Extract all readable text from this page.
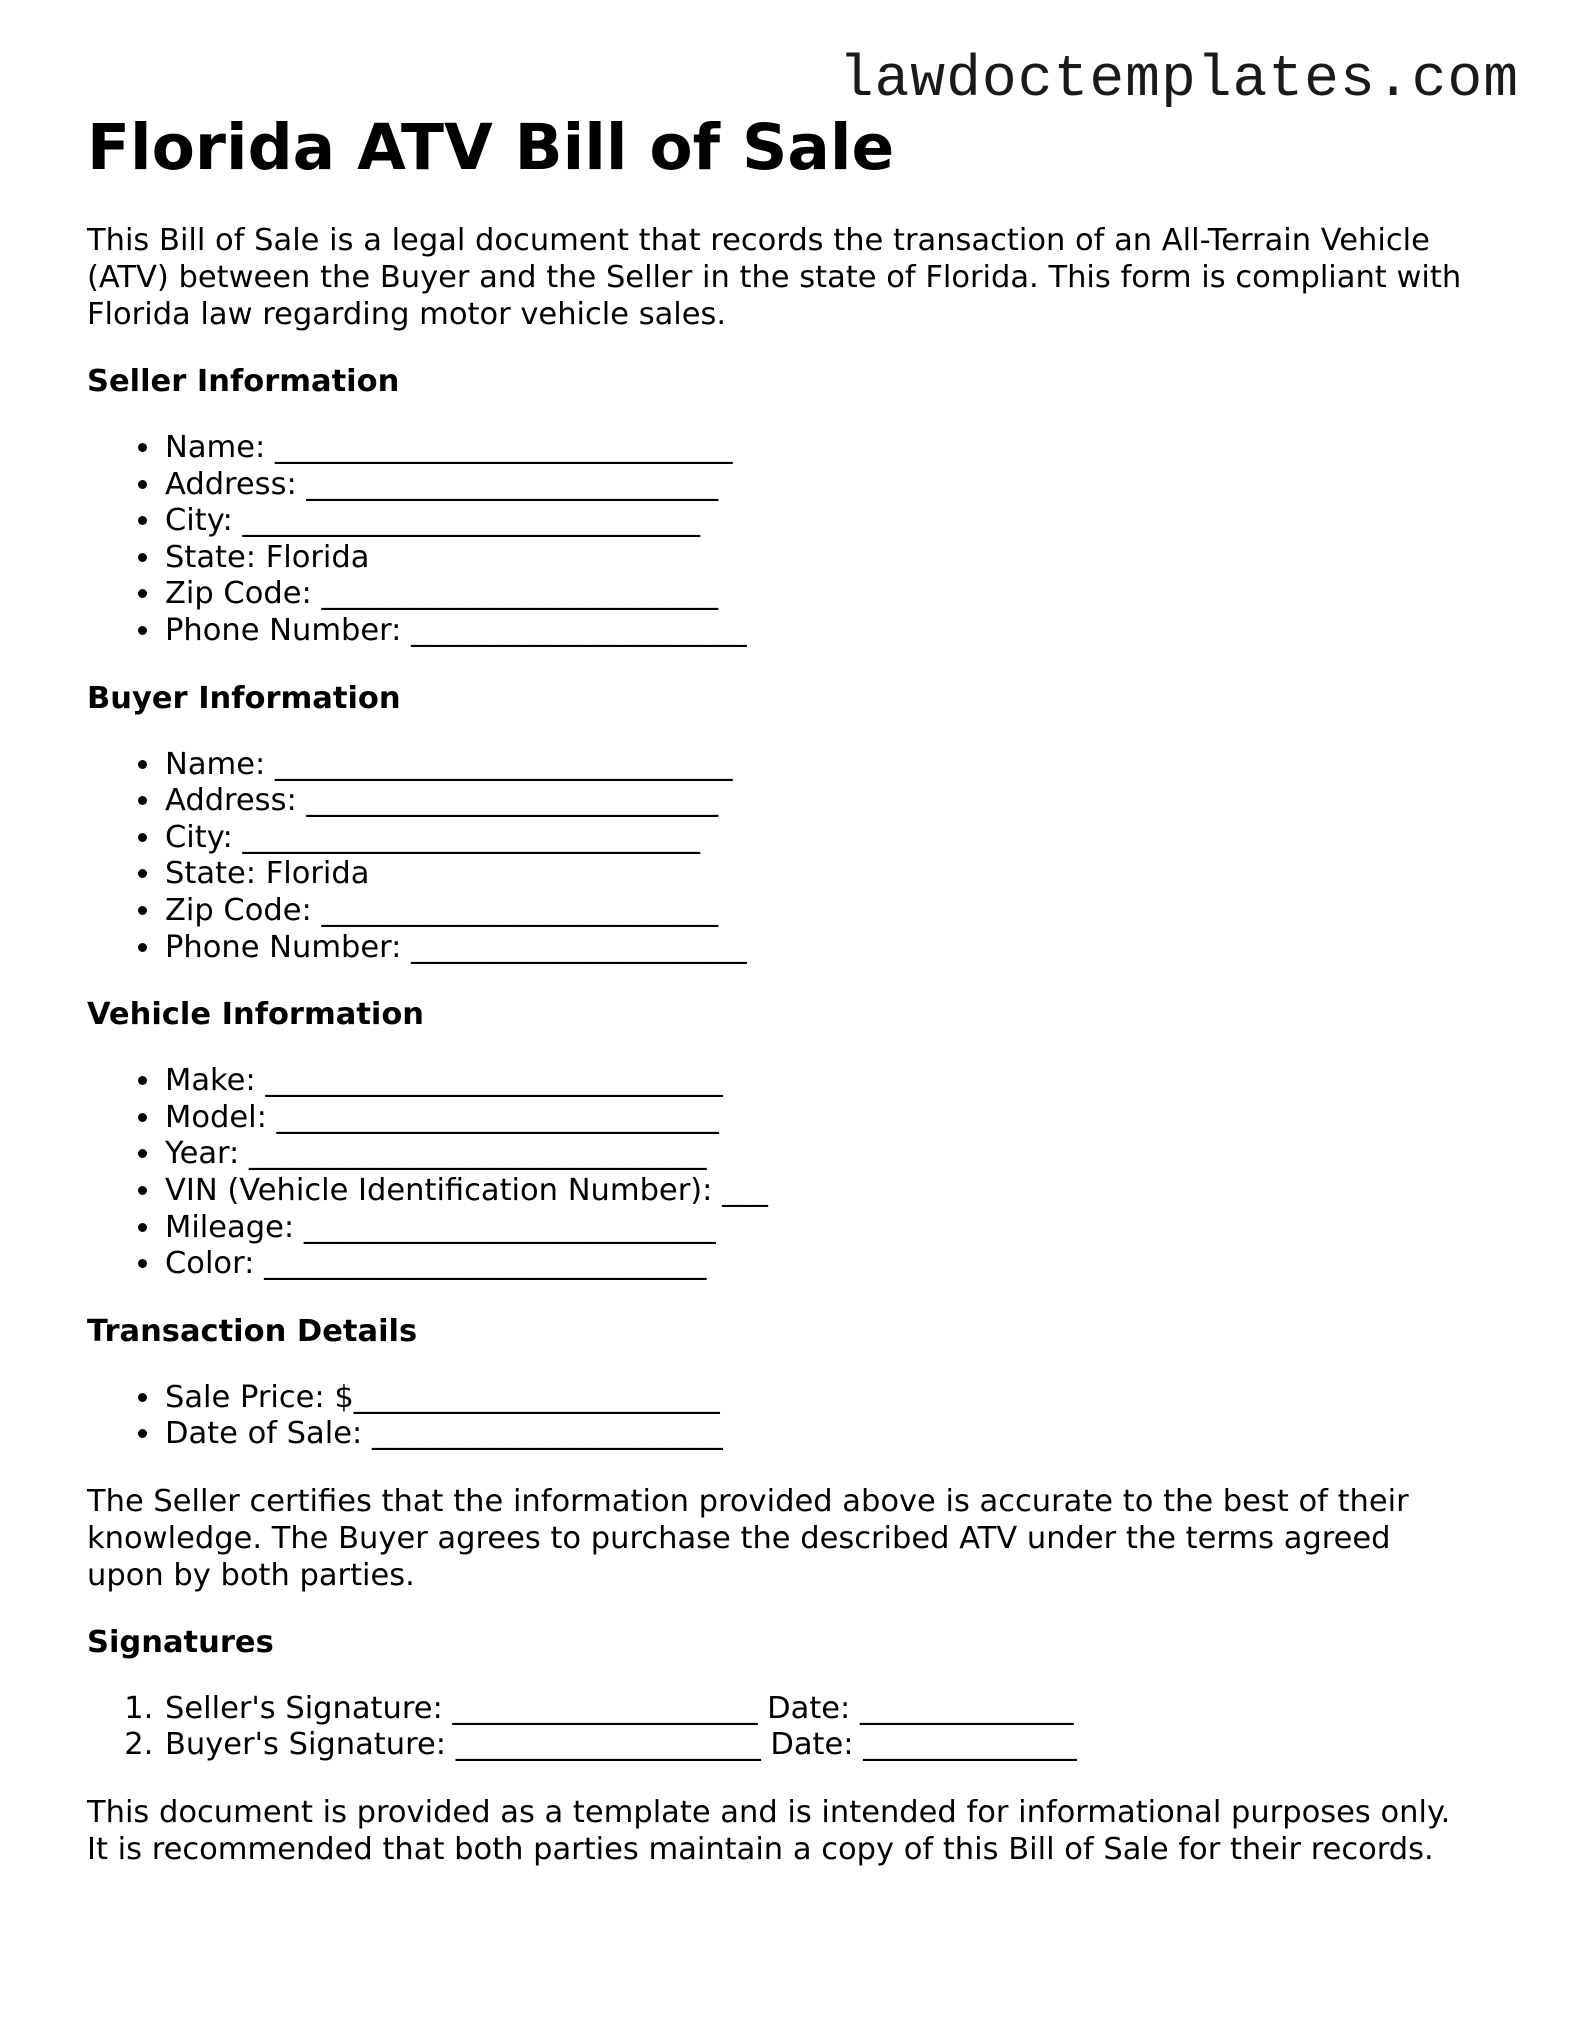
lawdoctemplates.com
Florida ATV Bill of Sale

This Bill of Sale is a legal document that records the transaction of an All-Terrain Vehicle
(ATV) between the Buyer and the Seller in the state of Florida. This form is compliant with
Florida law regarding motor vehicle sales.

Seller Information
• Name: ______________________________
• Address: ___________________________
• City: ______________________________
• State: Florida
• Zip Code: __________________________
• Phone Number: ______________________
Buyer Information
• Name: ______________________________
• Address: ___________________________
• City: ______________________________
• State: Florida
• Zip Code: __________________________
• Phone Number: ______________________
Vehicle Information
• Make: ______________________________
• Model: _____________________________
• Year: ______________________________
• VIN (Vehicle Identification Number): ___
• Mileage: ___________________________
• Color: _____________________________
Transaction Details
• Sale Price: $________________________
• Date of Sale: _______________________

The Seller certifies that the information provided above is accurate to the best of their
knowledge. The Buyer agrees to purchase the described ATV under the terms agreed
upon by both parties.

Signatures
1. Seller's Signature: ____________________ Date: ______________
2. Buyer's Signature: ____________________ Date: ______________

This document is provided as a template and is intended for informational purposes only.
It is recommended that both parties maintain a copy of this Bill of Sale for their records.
